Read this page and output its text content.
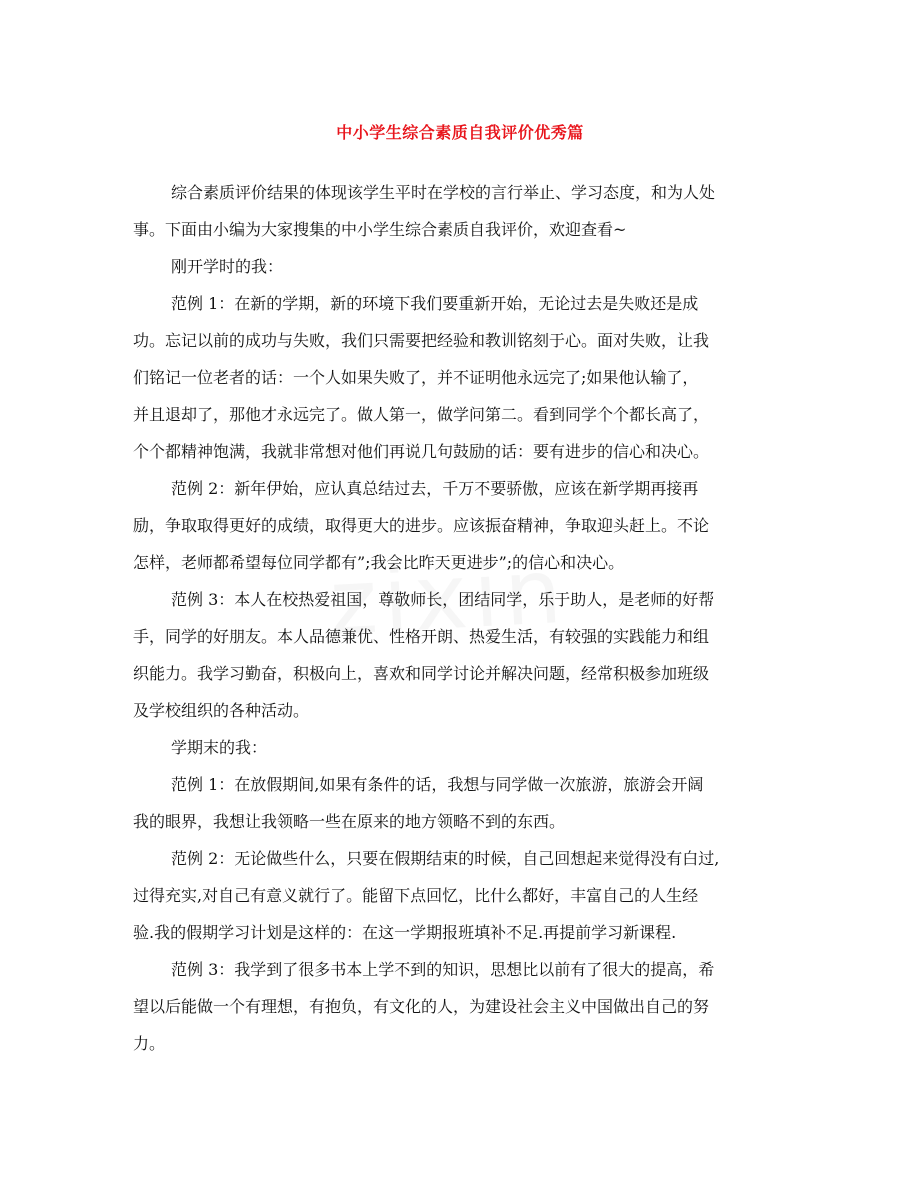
中小学生综合素质自我评价优秀篇
综合素质评价结果的体现该学生平时在学校的言行举止、学习态度，和为人处
事。下面由小编为大家搜集的中小学生综合素质自我评价，欢迎查看~
刚开学时的我：
范例 1：在新的学期，新的环境下我们要重新开始，无论过去是失败还是成
功。忘记以前的成功与失败，我们只需要把经验和教训铭刻于心。面对失败，让我
们铭记一位老者的话：一个人如果失败了，并不证明他永远完了;如果他认输了，
并且退却了，那他才永远完了。做人第一，做学问第二。看到同学个个都长高了，
个个都精神饱满，我就非常想对他们再说几句鼓励的话：要有进步的信心和决心。
范例 2：新年伊始，应认真总结过去，千万不要骄傲，应该在新学期再接再
励，争取取得更好的成绩，取得更大的进步。应该振奋精神，争取迎头赶上。不论
怎样，老师都希望每位同学都有”;我会比昨天更进步”;的信心和决心。
范例 3：本人在校热爱祖国，尊敬师长，团结同学，乐于助人，是老师的好帮
手，同学的好朋友。本人品德兼优、性格开朗、热爱生活，有较强的实践能力和组
织能力。我学习勤奋，积极向上，喜欢和同学讨论并解决问题，经常积极参加班级
及学校组织的各种活动。
学期末的我：
范例 1：在放假期间,如果有条件的话，我想与同学做一次旅游，旅游会开阔
我的眼界，我想让我领略一些在原来的地方领略不到的东西。
范例 2：无论做些什么，只要在假期结束的时候，自己回想起来觉得没有白过,
过得充实,对自己有意义就行了。能留下点回忆，比什么都好，丰富自己的人生经
验.我的假期学习计划是这样的：在这一学期报班填补不足.再提前学习新课程.
范例 3：我学到了很多书本上学不到的知识，思想比以前有了很大的提高，希
望以后能做一个有理想，有抱负，有文化的人，为建设社会主义中国做出自己的努
力。
